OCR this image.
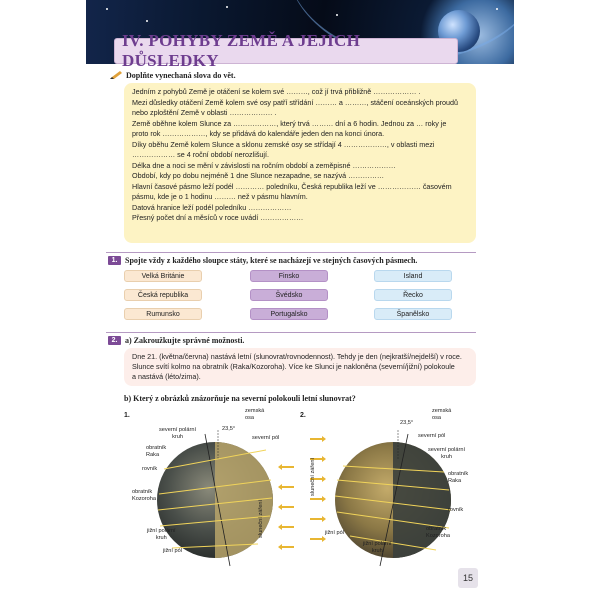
IV. POHYBY ZEMĚ A JEJICH DŮSLEDKY
Doplňte vynechaná slova do vět.

Jedním z pohybů Země je otáčení se kolem své ………, což jí trvá přibližně ……………… .

Mezi důsledky otáčení Země kolem své osy patří střídání ……… a ………, stáčení oceánských proudů

nebo zploštění Země v oblasti ……………… .

Země oběhne kolem Slunce za ………………, který trvá ……… dní a 6 hodin. Jednou za … roky je

proto rok ………………, kdy se přidává do kalendáře jeden den na konci února.

Díky oběhu Země kolem Slunce a sklonu zemské osy se střídají 4 ………………, v oblasti mezi

……………… se 4 roční období nerozlišují.

Délka dne a noci se mění v závislosti na ročním období a zeměpisné ………………

Období, kdy po dobu nejméně 1 dne Slunce nezapadne, se nazývá ……………

Hlavní časové pásmo leží podél ………… poledníku, Česká republika leží ve ……………… časovém

pásmu, kde je o 1 hodinu ……… než v pásmu hlavním.

Datová hranice leží podél poledníku ………………

Přesný počet dní a měsíců v roce uvádí ………………

1. Spojte vždy z každého sloupce státy, které se nacházejí ve stejných časových pásmech.
Velká Británie
Česká republika
Rumunsko
Finsko
Švédsko
Portugalsko
Island
Řecko
Španělsko
2. a) Zakroužkujte správné možnosti.

Dne 21. (května/června) nastává letní (slunovrat/rovnodennost). Tehdy je den (nejkratší/nejdelší) v roce.

Slunce svítí kolmo na obratník (Raka/Kozoroha). Více ke Slunci je nakloněna (severní/jižní) polokoule

a nastává (léto/zima).

b) Který z obrázků znázorňuje na severní polokouli letní slunovrat?
1.
zemská
osa
23,5°
severní pól
severní polární
kruh
obratník
Raka
rovník
obratník
Kozoroha
jižní polární
kruh
jižní pól
sluneční záření
2.
sluneční záření
zemská
osa
23,5°
severní pól
severní polární
kruh
obratník
Raka
rovník
obratník
Kozoroha
jižní pól
jižní polární
kruh
15
